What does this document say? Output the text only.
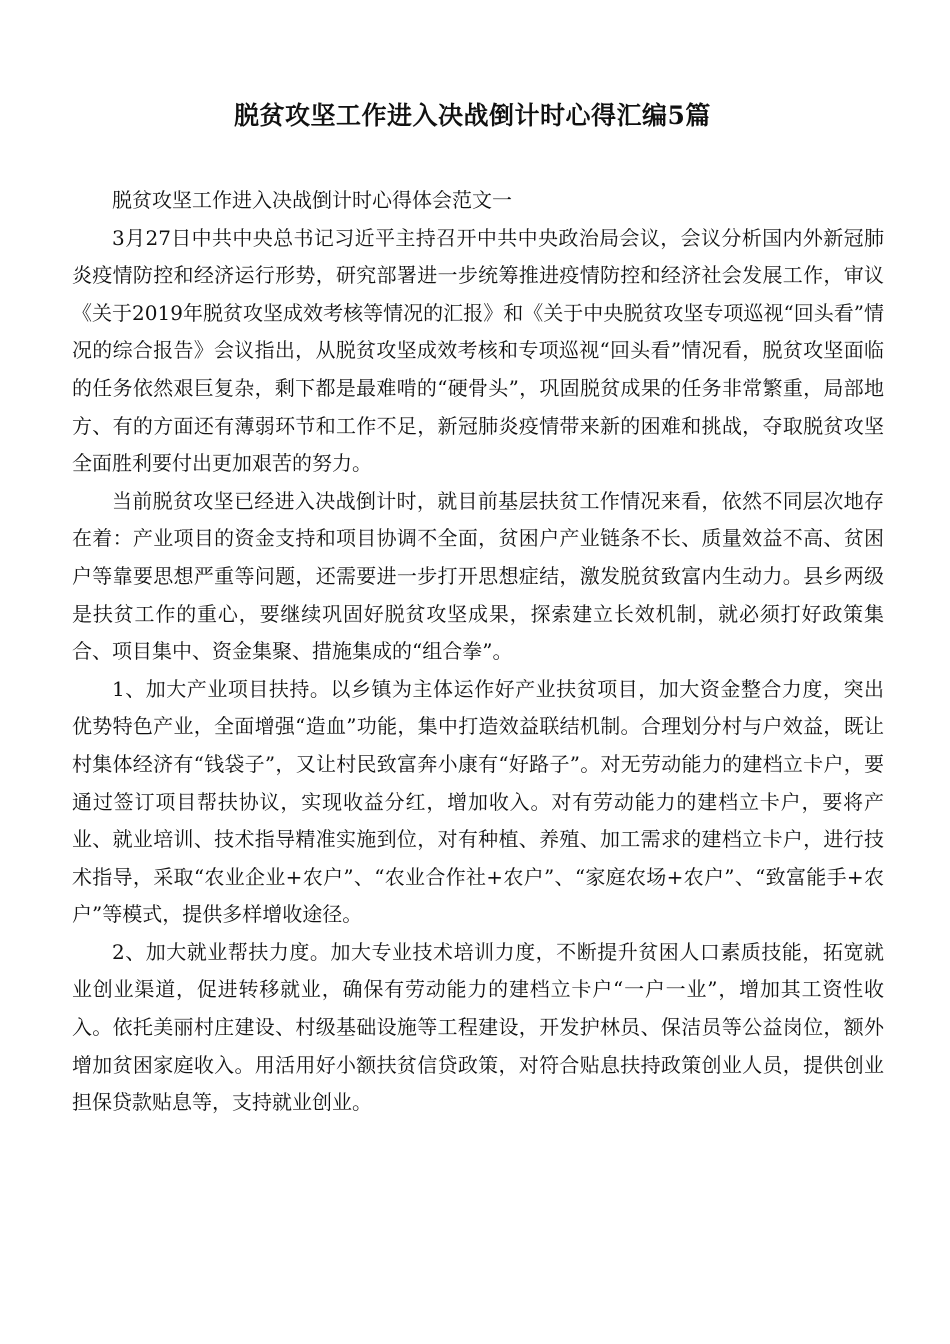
脱贫攻坚工作进入决战倒计时心得汇编5篇

脱贫攻坚工作进入决战倒计时心得体会范文一

3月27日中共中央总书记习近平主持召开中共中央政治局会议，会议分析国内外新冠肺炎疫情防控和经济运行形势，研究部署进一步统筹推进疫情防控和经济社会发展工作，审议《关于2019年脱贫攻坚成效考核等情况的汇报》和《关于中央脱贫攻坚专项巡视“回头看”情况的综合报告》会议指出，从脱贫攻坚成效考核和专项巡视“回头看”情况看，脱贫攻坚面临的任务依然艰巨复杂，剩下都是最难啃的“硬骨头”，巩固脱贫成果的任务非常繁重，局部地方、有的方面还有薄弱环节和工作不足，新冠肺炎疫情带来新的困难和挑战，夺取脱贫攻坚全面胜利要付出更加艰苦的努力。

当前脱贫攻坚已经进入决战倒计时，就目前基层扶贫工作情况来看，依然不同层次地存在着：产业项目的资金支持和项目协调不全面，贫困户产业链条不长、质量效益不高、贫困户等靠要思想严重等问题，还需要进一步打开思想症结，激发脱贫致富内生动力。县乡两级是扶贫工作的重心，要继续巩固好脱贫攻坚成果，探索建立长效机制，就必须打好政策集合、项目集中、资金集聚、措施集成的“组合拳”。

1、加大产业项目扶持。以乡镇为主体运作好产业扶贫项目，加大资金整合力度，突出优势特色产业，全面增强“造血”功能，集中打造效益联结机制。合理划分村与户效益，既让村集体经济有“钱袋子”，又让村民致富奔小康有“好路子”。对无劳动能力的建档立卡户，要通过签订项目帮扶协议，实现收益分红，增加收入。对有劳动能力的建档立卡户，要将产业、就业培训、技术指导精准实施到位，对有种植、养殖、加工需求的建档立卡户，进行技术指导，采取“农业企业+农户”、“农业合作社+农户”、“家庭农场+农户”、“致富能手+农户”等模式，提供多样增收途径。

2、加大就业帮扶力度。加大专业技术培训力度，不断提升贫困人口素质技能，拓宽就业创业渠道，促进转移就业，确保有劳动能力的建档立卡户“一户一业”，增加其工资性收入。依托美丽村庄建设、村级基础设施等工程建设，开发护林员、保洁员等公益岗位，额外增加贫困家庭收入。用活用好小额扶贫信贷政策，对符合贴息扶持政策创业人员，提供创业担保贷款贴息等，支持就业创业。
